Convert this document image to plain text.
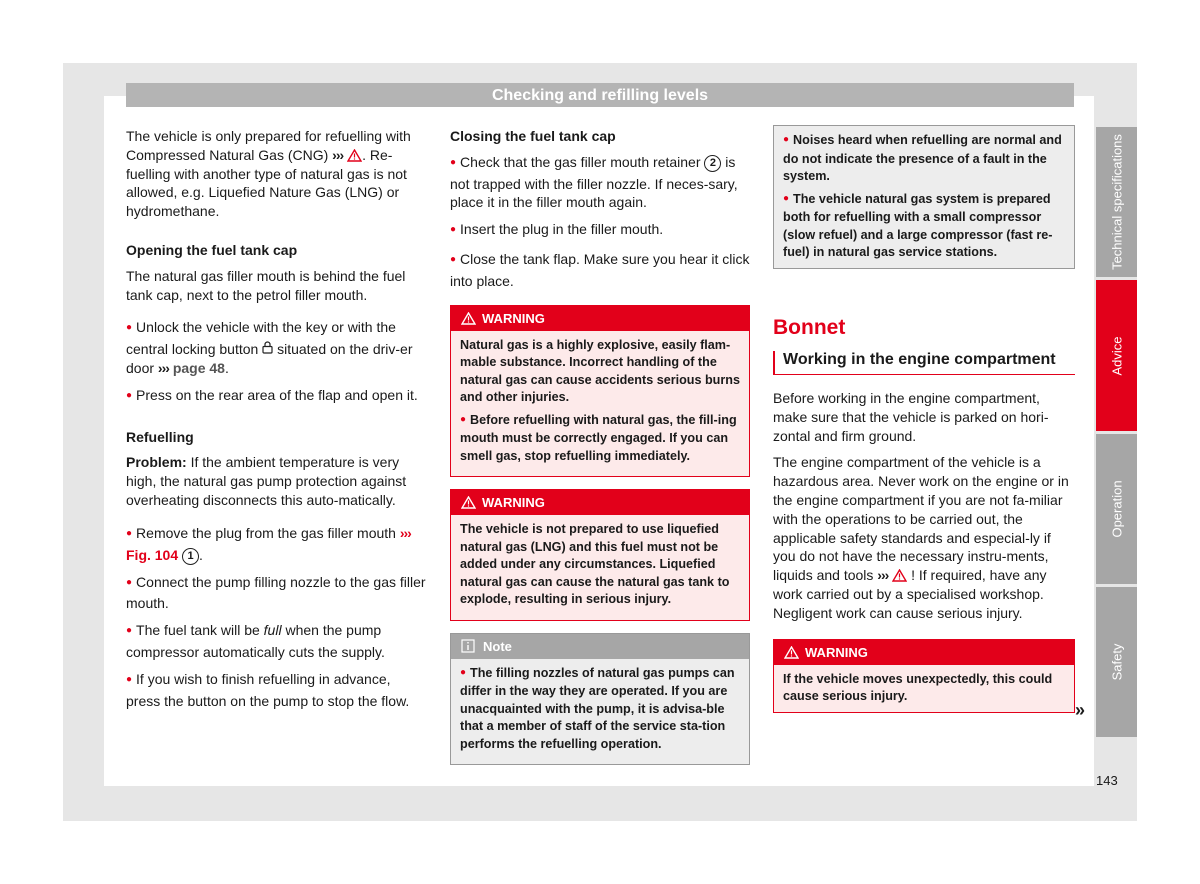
Checking and refilling levels

The vehicle is only prepared for refuelling with Compressed Natural Gas (CNG) ››› . Re-fuelling with another type of natural gas is not allowed, e.g. Liquefied Nature Gas (LNG) or hydromethane.

Opening the fuel tank cap

The natural gas filler mouth is behind the fuel tank cap, next to the petrol filler mouth.

● Unlock the vehicle with the key or with the central locking button  situated on the driv-er door ››› page 48.

● Press on the rear area of the flap and open it.

Refuelling

Problem: If the ambient temperature is very high, the natural gas pump protection against overheating disconnects this auto-matically.

● Remove the plug from the gas filler mouth ››› Fig. 104 1 .

● Connect the pump filling nozzle to the gas filler mouth.

● The fuel tank will be full when the pump compressor automatically cuts the supply.

● If you wish to finish refuelling in advance, press the button on the pump to stop the flow.

Closing the fuel tank cap

● Check that the gas filler mouth retainer 2 is not trapped with the filler nozzle. If neces-sary, place it in the filler mouth again.

● Insert the plug in the filler mouth.

● Close the tank flap. Make sure you hear it click into place.

WARNING

Natural gas is a highly explosive, easily flam-mable substance. Incorrect handling of the natural gas can cause accidents serious burns and other injuries.

● Before refuelling with natural gas, the fill-ing mouth must be correctly engaged. If you can smell gas, stop refuelling immediately.

WARNING

The vehicle is not prepared to use liquefied natural gas (LNG) and this fuel must not be added under any circumstances. Liquefied natural gas can cause the natural gas tank to explode, resulting in serious injury.

Note

● The filling nozzles of natural gas pumps can differ in the way they are operated. If you are unacquainted with the pump, it is advisa-ble that a member of staff of the service sta-tion performs the refuelling operation.

● Noises heard when refuelling are normal and do not indicate the presence of a fault in the system.

● The vehicle natural gas system is prepared both for refuelling with a small compressor (slow refuel) and a large compressor (fast re-fuel) in natural gas service stations.

Bonnet
Working in the engine compartment

Before working in the engine compartment, make sure that the vehicle is parked on hori-zontal and firm ground.

The engine compartment of the vehicle is a hazardous area. Never work on the engine or in the engine compartment if you are not fa-miliar with the operations to be carried out, the applicable safety standards and especial-ly if you do not have the necessary instru-ments, liquids and tools ››› ! If required, have any work carried out by a specialised workshop. Negligent work can cause serious injury.

WARNING

If the vehicle moves unexpectedly, this could cause serious injury.

»
Technical specifications
Advice
Operation
Safety
143
